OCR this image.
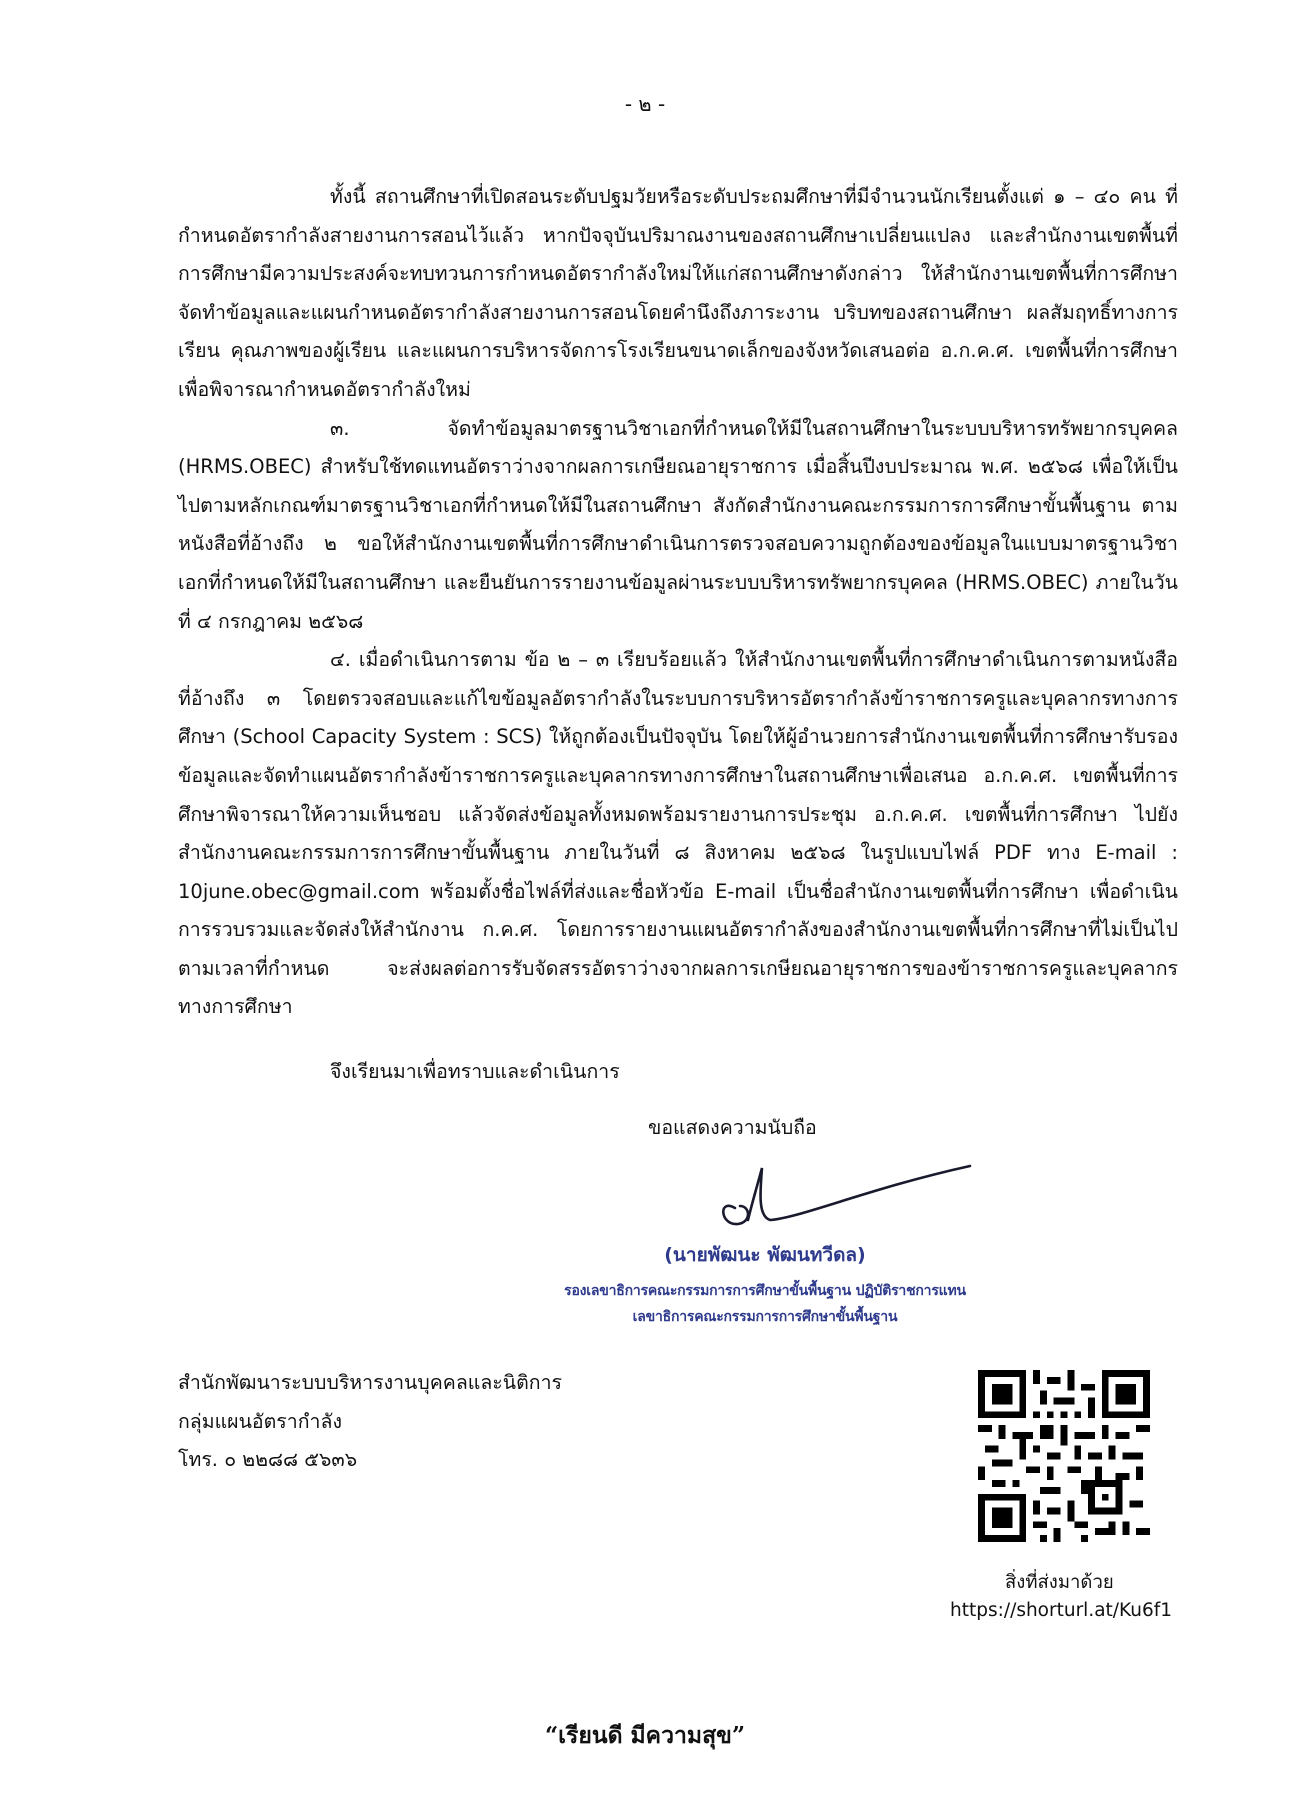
- ๒ -

ทั้งนี้ สถานศึกษาที่เปิดสอนระดับปฐมวัยหรือระดับประถมศึกษาที่มีจำนวนนักเรียนตั้งแต่ ๑ – ๔๐ คน ที่กำหนดอัตรากำลังสายงานการสอนไว้แล้ว หากปัจจุบันปริมาณงานของสถานศึกษาเปลี่ยนแปลง และสำนักงานเขตพื้นที่การศึกษามีความประสงค์จะทบทวนการกำหนดอัตรากำลังใหม่ให้แก่สถานศึกษาดังกล่าว ให้สำนักงานเขตพื้นที่การศึกษาจัดทำข้อมูลและแผนกำหนดอัตรากำลังสายงานการสอนโดยคำนึงถึงภาระงาน บริบทของสถานศึกษา ผลสัมฤทธิ์ทางการเรียน คุณภาพของผู้เรียน และแผนการบริหารจัดการโรงเรียนขนาดเล็กของจังหวัดเสนอต่อ อ.ก.ค.ศ. เขตพื้นที่การศึกษาเพื่อพิจารณากำหนดอัตรากำลังใหม่

๓. จัดทำข้อมูลมาตรฐานวิชาเอกที่กำหนดให้มีในสถานศึกษาในระบบบริหารทรัพยากรบุคคล (HRMS.OBEC) สำหรับใช้ทดแทนอัตราว่างจากผลการเกษียณอายุราชการ เมื่อสิ้นปีงบประมาณ พ.ศ. ๒๕๖๘ เพื่อให้เป็นไปตามหลักเกณฑ์มาตรฐานวิชาเอกที่กำหนดให้มีในสถานศึกษา สังกัดสำนักงานคณะกรรมการการศึกษาขั้นพื้นฐาน ตามหนังสือที่อ้างถึง ๒ ขอให้สำนักงานเขตพื้นที่การศึกษาดำเนินการตรวจสอบความถูกต้องของข้อมูลในแบบมาตรฐานวิชาเอกที่กำหนดให้มีในสถานศึกษา และยืนยันการรายงานข้อมูลผ่านระบบบริหารทรัพยากรบุคคล (HRMS.OBEC) ภายในวันที่ ๔ กรกฎาคม ๒๕๖๘

๔. เมื่อดำเนินการตาม ข้อ ๒ – ๓ เรียบร้อยแล้ว ให้สำนักงานเขตพื้นที่การศึกษาดำเนินการตามหนังสือที่อ้างถึง ๓ โดยตรวจสอบและแก้ไขข้อมูลอัตรากำลังในระบบการบริหารอัตรากำลังข้าราชการครูและบุคลากรทางการศึกษา (School Capacity System : SCS) ให้ถูกต้องเป็นปัจจุบัน โดยให้ผู้อำนวยการสำนักงานเขตพื้นที่การศึกษารับรองข้อมูลและจัดทำแผนอัตรากำลังข้าราชการครูและบุคลากรทางการศึกษาในสถานศึกษาเพื่อเสนอ อ.ก.ค.ศ. เขตพื้นที่การศึกษาพิจารณาให้ความเห็นชอบ แล้วจัดส่งข้อมูลทั้งหมดพร้อมรายงานการประชุม อ.ก.ค.ศ. เขตพื้นที่การศึกษา ไปยังสำนักงานคณะกรรมการการศึกษาขั้นพื้นฐาน ภายในวันที่ ๘ สิงหาคม ๒๕๖๘ ในรูปแบบไฟล์ PDF ทาง E-mail : 10june.obec@gmail.com พร้อมตั้งชื่อไฟล์ที่ส่งและชื่อหัวข้อ E-mail เป็นชื่อสำนักงานเขตพื้นที่การศึกษา เพื่อดำเนินการรวบรวมและจัดส่งให้สำนักงาน ก.ค.ศ. โดยการรายงานแผนอัตรากำลังของสำนักงานเขตพื้นที่การศึกษาที่ไม่เป็นไปตามเวลาที่กำหนด จะส่งผลต่อการรับจัดสรรอัตราว่างจากผลการเกษียณอายุราชการของข้าราชการครูและบุคลากรทางการศึกษา

จึงเรียนมาเพื่อทราบและดำเนินการ
ขอแสดงความนับถือ
(นายพัฒนะ พัฒนทวีดล)
รองเลขาธิการคณะกรรมการการศึกษาขั้นพื้นฐาน ปฏิบัติราชการแทน
เลขาธิการคณะกรรมการการศึกษาขั้นพื้นฐาน
สำนักพัฒนาระบบบริหารงานบุคคลและนิติการ
กลุ่มแผนอัตรากำลัง
โทร. ๐ ๒๒๘๘ ๕๖๓๖
สิ่งที่ส่งมาด้วย
https://shorturl.at/Ku6f1
“เรียนดี มีความสุข”
